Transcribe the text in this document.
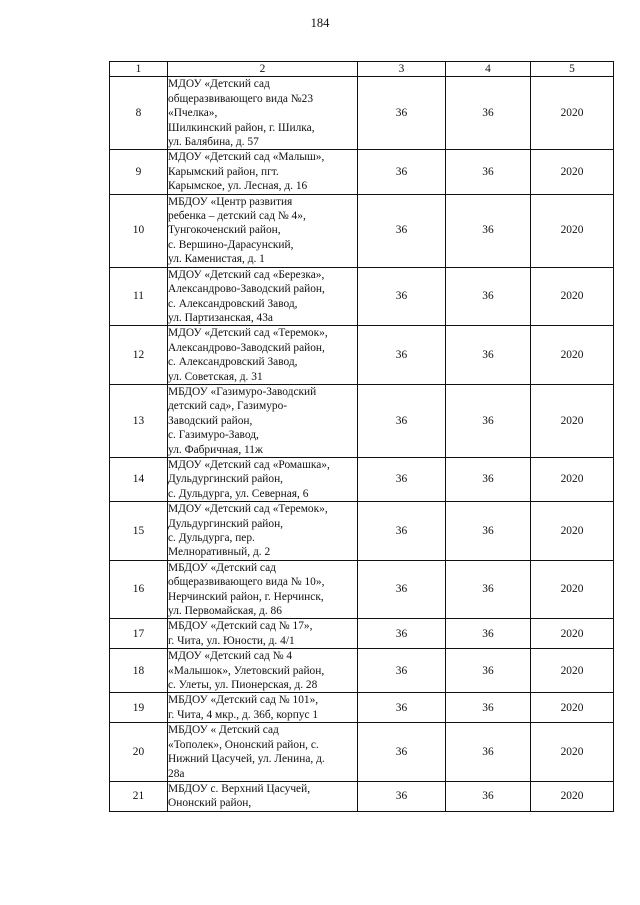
184
1	2	3	4	5
8	МДОУ «Детский сад
общеразвивающего вида №23
«Пчелка»,
Шилкинский район, г. Шилка,
ул. Балябина, д. 57	36	36	2020
9	МДОУ «Детский сад «Малыш»,
Карымский район, пгт.
Карымское, ул. Лесная, д. 16	36	36	2020
10	МБДОУ «Центр развития
ребенка – детский сад № 4»,
Тунгокоченский район,
с. Вершино-Дарасунский,
ул. Каменистая, д. 1	36	36	2020
11	МДОУ «Детский сад «Березка»,
Александрово-Заводский район,
с. Александровский Завод,
ул. Партизанская, 43а	36	36	2020
12	МДОУ «Детский сад «Теремок»,
Александрово-Заводский район,
с. Александровский Завод,
ул. Советская, д. 31	36	36	2020
13	МБДОУ «Газимуро-Заводский
детский сад», Газимуро-
Заводский район,
с. Газимуро-Завод,
ул. Фабричная, 11ж	36	36	2020
14	МДОУ «Детский сад «Ромашка»,
Дульдургинский район,
с. Дульдурга, ул. Северная, 6	36	36	2020
15	МДОУ «Детский сад «Теремок»,
Дульдургинский район,
с. Дульдурга, пер.
Мелноративный, д. 2	36	36	2020
16	МБДОУ «Детский сад
общеразвивающего вида № 10»,
Нерчинский район, г. Нерчинск,
ул. Первомайская, д. 86	36	36	2020
17	МБДОУ «Детский сад № 17»,
г. Чита, ул. Юности, д. 4/1	36	36	2020
18	МДОУ «Детский сад № 4
«Малышок», Улетовский район,
с. Улеты, ул. Пионерская, д. 28	36	36	2020
19	МБДОУ «Детский сад № 101»,
г. Чита, 4 мкр., д. 36б, корпус 1	36	36	2020
20	МБДОУ « Детский сад
«Тополек», Ононский район, с.
Нижний Цасучей, ул. Ленина, д.
28а	36	36	2020
21	МБДОУ с. Верхний Цасучей,
Ононский район,	36	36	2020
